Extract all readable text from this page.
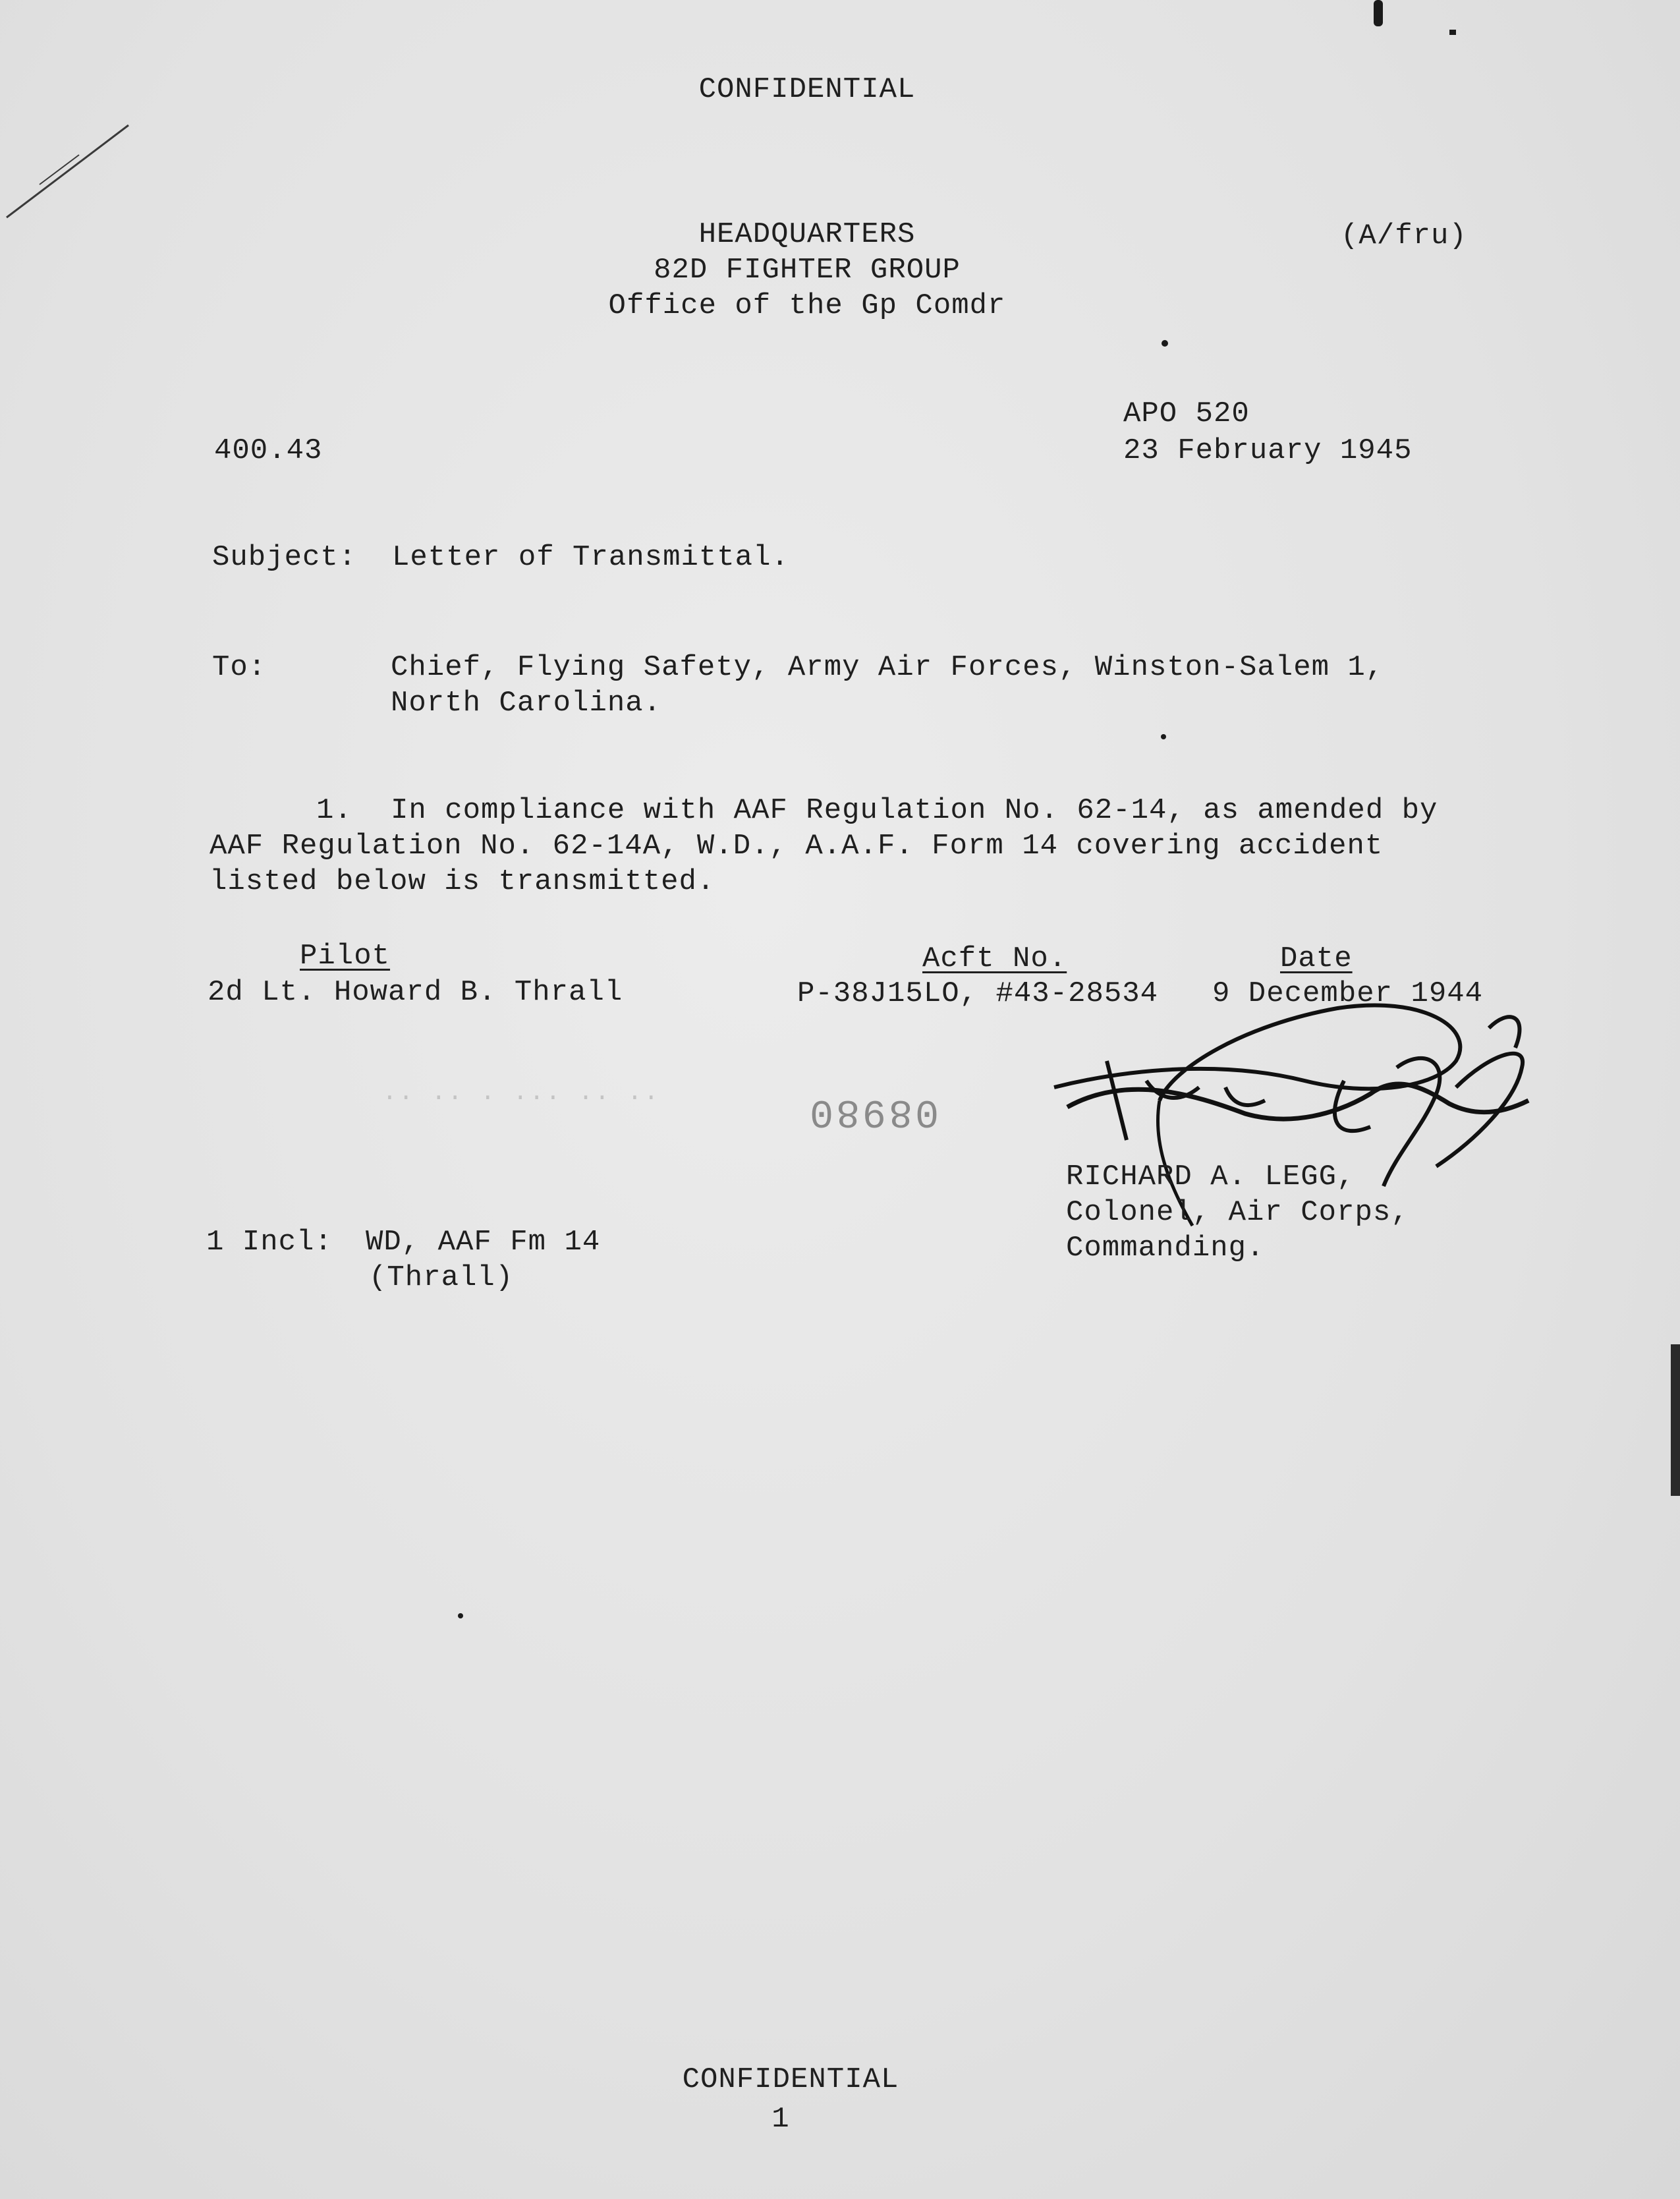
CONFIDENTIAL
HEADQUARTERS
82D FIGHTER GROUP
Office of the Gp Comdr
(A/fru)
APO 520
400.43	23 February 1945
Subject: Letter of Transmittal.
To:	Chief, Flying Safety, Army Air Forces, Winston-Salem 1,
North Carolina.
1. In compliance with AAF Regulation No. 62-14, as amended by
AAF Regulation No. 62-14A, W.D., A.A.F. Form 14 covering accident
listed below is transmitted.
Pilot	Acft No.	Date
2d Lt. Howard B. Thrall	P-38J15LO, #43-28534 9 December 1944
·· ·· · ··· ·· ··	08980
RICHARD A. LEGG,
Colonel, Air Corps,
Commanding.
1 Incl: WD, AAF Fm 14
(Thrall)
CONFIDENTIAL
1
